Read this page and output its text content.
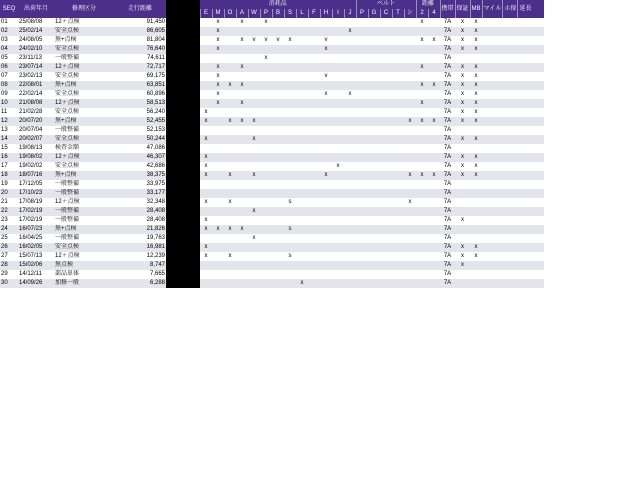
SEQ	出荷年月	修理区分	走行距離			消耗品													ベルト					距離		携帯	保証	MB	マイル	ホ保	延長	
						E	M	O	A	W	P	B	S	L	F	H	I	J	P	G	C	T	シ	2	4							
01	25/08/08	12ヶ点検	91,450				x		x		x													x		7A	x	x				
02	25/02/14	安全点検	86,605				x											x								7A	x	x				
03	24/08/05	無+点検	81,804				x		x	v	v	v	x			v								x	x	7A	x	x				
04	24/02/10	安全点検	76,640				x									x										7A	x	x				
05	23/11/13	一般整備	74,611								x															7A						
06	23/07/14	12ヶ点検	72,717				x		x															x		7A	x	x				
07	23/02/13	安全点検	69,175				x									v										7A	x	x				
08	22/08/01	無+点検	63,851				x	x	x															x	x	7A	x	x				
09	22/02/14	安全点検	60,896				x									x		x								7A	x	x				
10	21/08/08	12ヶ点検	58,513				x		x															x		7A	x	x				
11	21/02/28	安全点検	56,240			x																				7A	x	x				
12	20/07/20	無+点検	52,455			x		x	x	x													x	x	x	7A	x	x				
13	20/07/04	一般整備	52,153																							7A						
14	20/02/07	安全点検	50,244			x				x																7A	x	x				
15	19/08/13	検査金額	47,086																							7A						
16	19/08/02	12ヶ点検	46,307			x																				7A	x	x				
17	19/02/02	安全点検	42,686			x											x									7A	x	x				
18	18/07/16	無+点検	38,375			x		x		x						x							x	x	x	7A	x	x				
19	17/12/05	一般整備	33,975																							7A						
20	17/10/23	一般整備	33,177																							7A						
21	17/08/19	12ヶ点検	32,348			x		x					s										x			7A						
22	17/02/19	一般整備	28,408							x																7A						
23	17/02/19	一般整備	28,408			x																				7A	x					
24	16/07/23	無+点検	21,826			x	x	x	x				s													7A						
25	16/04/25	一般整備	19,763							x																7A						
26	16/02/05	安全点検	16,981			x																				7A	x	x				
27	15/07/13	12ヶ点検	12,239			x		x					s													7A	x	x				
28	15/02/06	無点検	8,747																							7A	x					
29	14/12/11	部品単体	7,665																							7A						
30	14/09/26	加修一般	6,288											x												7A						
